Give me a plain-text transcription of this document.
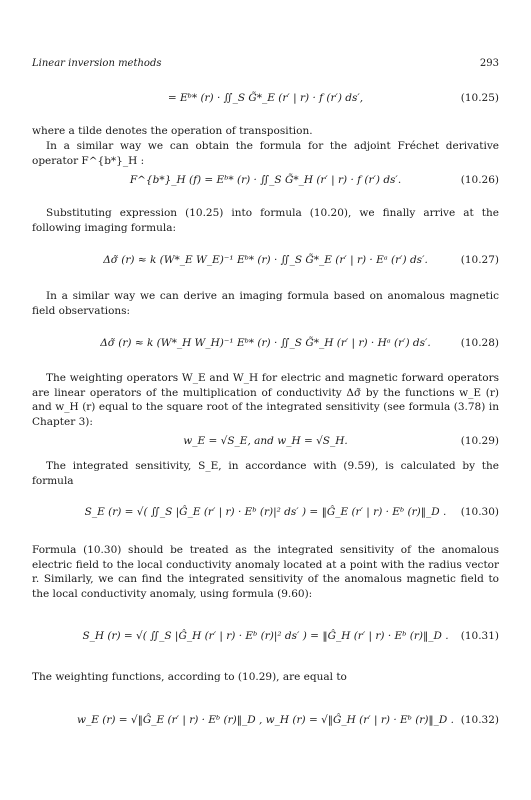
Linear inversion methods	293
= Eᵇ* (r) · ∬_S G̃*_E (r′ | r) · f (r′) ds′,	(10.25)
where a tilde denotes the operation of transposition.
In a similar way we can obtain the formula for the adjoint Fréchet derivative operator F^{b*}_H :
F^{b*}_H (f) = Eᵇ* (r) · ∬_S G̃*_H (r′ | r) · f (r′) ds′.	(10.26)
Substituting expression (10.25) into formula (10.20), we finally arrive at the following imaging formula:
Δσ̃ (r) ≈ k (W*_E W_E)⁻¹ Eᵇ* (r) · ∬_S G̃*_E (r′ | r) · Eᵃ (r′) ds′.	(10.27)
In a similar way we can derive an imaging formula based on anomalous magnetic field observations:
Δσ̃ (r) ≈ k (W*_H W_H)⁻¹ Eᵇ* (r) · ∬_S G̃*_H (r′ | r) · Hᵃ (r′) ds′.	(10.28)
The weighting operators W_E and W_H for electric and magnetic forward operators are linear operators of the multiplication of conductivity Δσ̃ by the functions w_E (r) and w_H (r) equal to the square root of the integrated sensitivity (see formula (3.78) in Chapter 3):
w_E = √S_E, and w_H = √S_H.	(10.29)
The integrated sensitivity, S_E, in accordance with (9.59), is calculated by the formula
S_E (r) = √( ∬_S |Ĝ_E (r′ | r) · Eᵇ (r)|² ds′ ) = ‖Ĝ_E (r′ | r) · Eᵇ (r)‖_D .	(10.30)
Formula (10.30) should be treated as the integrated sensitivity of the anomalous electric field to the local conductivity anomaly located at a point with the radius vector r. Similarly, we can find the integrated sensitivity of the anomalous magnetic field to the local conductivity anomaly, using formula (9.60):
S_H (r) = √( ∬_S |Ĝ_H (r′ | r) · Eᵇ (r)|² ds′ ) = ‖Ĝ_H (r′ | r) · Eᵇ (r)‖_D .	(10.31)
The weighting functions, according to (10.29), are equal to
w_E (r) = √‖Ĝ_E (r′ | r) · Eᵇ (r)‖_D , w_H (r) = √‖Ĝ_H (r′ | r) · Eᵇ (r)‖_D . (10.32)
